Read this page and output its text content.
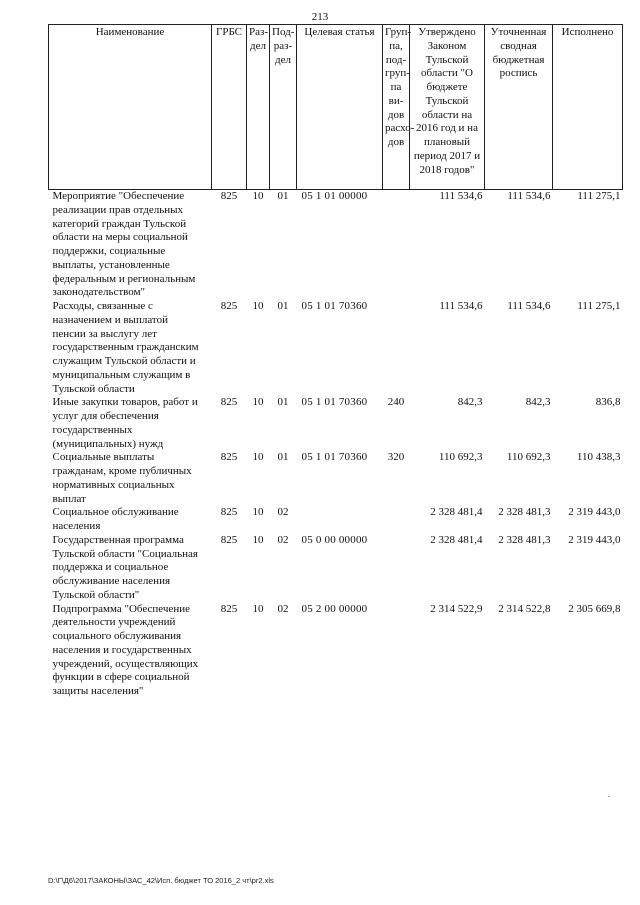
213
Наименование	ГРБС	Раз-дел	Под-раз-дел	Целевая статья	Груп-па, под-груп-па ви-дов расхо-дов	Утверждено Законом Тульской области "О бюджете Тульской области на 2016 год и на плановый период 2017 и 2018 годов"	Уточненная сводная бюджетная роспись	Исполнено
Мероприятие "Обеспечение реализации прав отдельных категорий граждан Тульской области на меры социальной поддержки, социальные выплаты, установленные федеральным и региональным законодательством"	825	10	01	05 1 01 00000		111 534,6	111 534,6	111 275,1
Расходы, связанные с назначением и выплатой пенсии за выслугу лет государственным гражданским служащим Тульской области и муниципальным служащим в Тульской области	825	10	01	05 1 01 70360		111 534,6	111 534,6	111 275,1
Иные закупки товаров, работ и услуг для обеспечения государственных (муниципальных) нужд	825	10	01	05 1 01 70360	240	842,3	842,3	836,8
Социальные выплаты гражданам, кроме публичных нормативных социальных выплат	825	10	01	05 1 01 70360	320	110 692,3	110 692,3	110 438,3
Социальное обслуживание населения	825	10	02			2 328 481,4	2 328 481,3	2 319 443,0
Государственная программа Тульской области "Социальная поддержка и социальное обслуживание населения Тульской области"	825	10	02	05 0 00 00000		2 328 481,4	2 328 481,3	2 319 443,0
Подпрограмма "Обеспечение деятельности учреждений социального обслуживания населения и государственных учреждений, осуществляющих функции в сфере социальной защиты населения"	825	10	02	05 2 00 00000		2 314 522,9	2 314 522,8	2 305 669,8
D:\Г\Д6\2017\ЗАКОНЫ\ЗАС_42\Исп. бюджет ТО 2016_2 чт\pr2.xls
